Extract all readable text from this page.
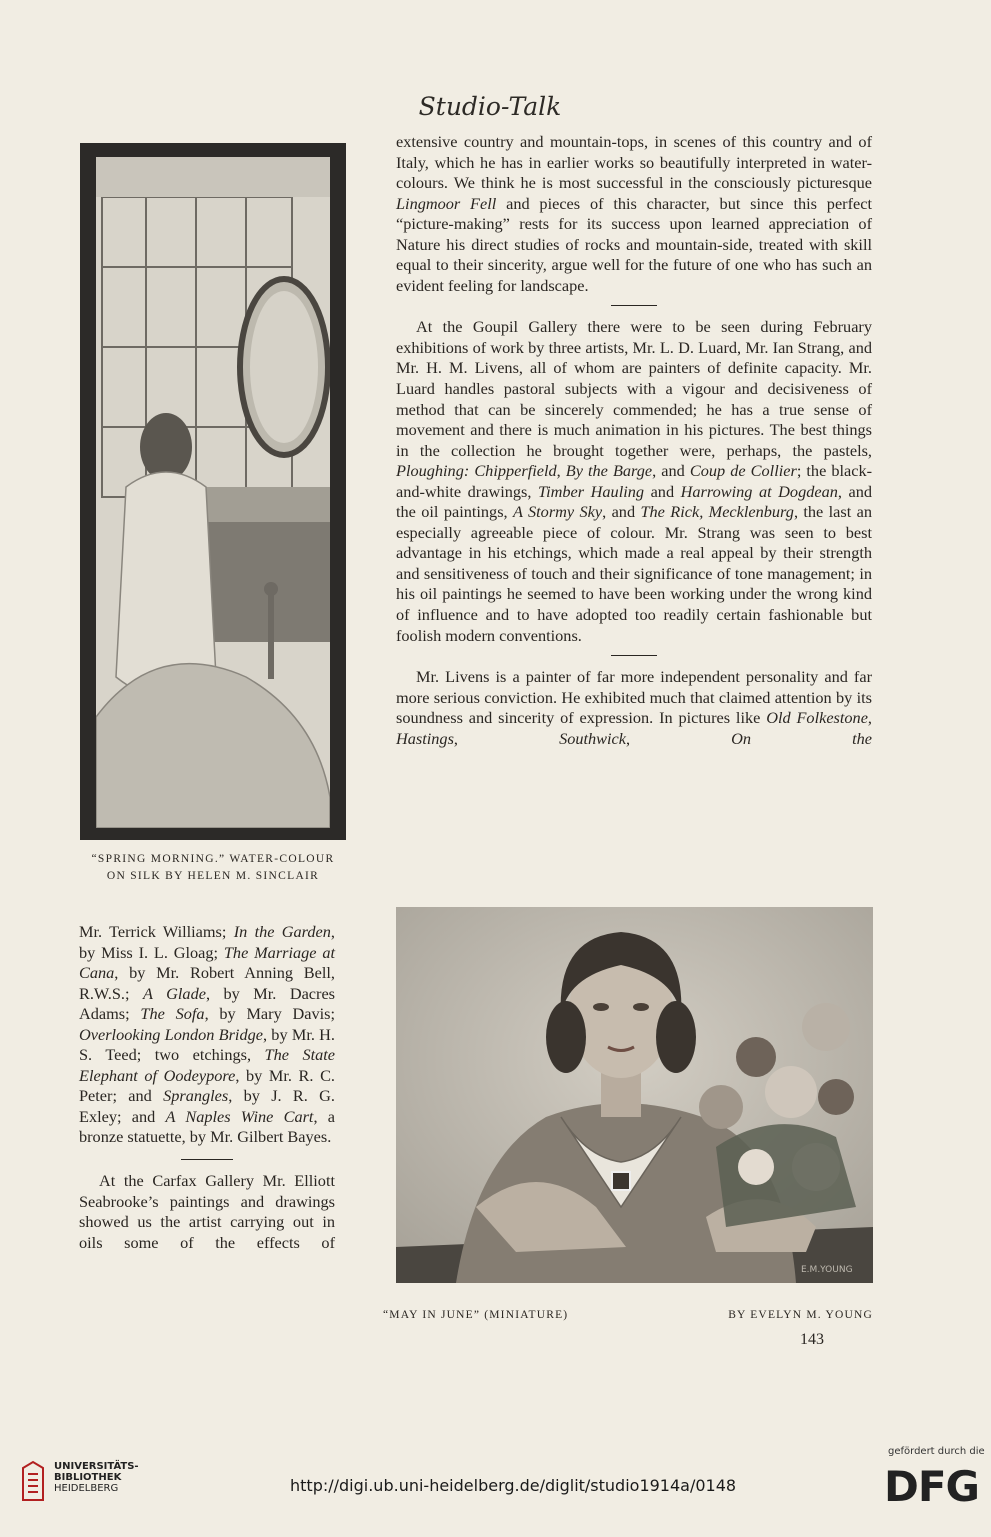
Studio-Talk
“SPRING MORNING.” WATER-COLOUR
ON SILK BY HELEN M. SINCLAIR

extensive country and mountain-tops, in scenes of this country and of Italy, which he has in earlier works so beautifully interpreted in water-colours. We think he is most successful in the consciously picturesque Lingmoor Fell and pieces of this character, but since this perfect “picture-making” rests for its success upon learned appreciation of Nature his direct studies of rocks and mountain-side, treated with skill equal to their sincerity, argue well for the future of one who has such an evident feeling for landscape.

At the Goupil Gallery there were to be seen during February exhibitions of work by three artists, Mr. L. D. Luard, Mr. Ian Strang, and Mr. H. M. Livens, all of whom are painters of definite capacity. Mr. Luard handles pastoral subjects with a vigour and decisiveness of method that can be sincerely commended; he has a true sense of movement and there is much animation in his pictures. The best things in the collection he brought together were, perhaps, the pastels, Ploughing: Chipperfield, By the Barge, and Coup de Collier; the black-and-white drawings, Timber Hauling and Harrowing at Dogdean, and the oil paintings, A Stormy Sky, and The Rick, Mecklenburg, the last an especially agreeable piece of colour. Mr. Strang was seen to best advantage in his etchings, which made a real appeal by their strength and sensitiveness of touch and their significance of tone management; in his oil paintings he seemed to have been working under the wrong kind of influence and to have adopted too readily certain fashionable but foolish modern conventions.

Mr. Livens is a painter of far more independent personality and far more serious conviction. He exhibited much that claimed attention by its soundness and sincerity of expression. In pictures like Old Folkestone, Hastings, Southwick, On the

Mr. Terrick Williams; In the Garden, by Miss I. L. Gloag; The Marriage at Cana, by Mr. Robert Anning Bell, R.W.S.; A Glade, by Mr. Dacres Adams; The Sofa, by Mary Davis; Overlooking London Bridge, by Mr. H. S. Teed; two etchings, The State Elephant of Oodeypore, by Mr. R. C. Peter; and Sprangles, by J. R. G. Exley; and A Naples Wine Cart, a bronze statuette, by Mr. Gilbert Bayes.

At the Carfax Gallery Mr. Elliott Seabrooke’s paintings and drawings showed us the artist carrying out in oils some of the effects of

E.M.YOUNG
“MAY IN JUNE” (MINIATURE)	BY EVELYN M. YOUNG
143
UNIVERSITÄTS-
BIBLIOTHEK
HEIDELBERG	http://digi.ub.uni-heidelberg.de/diglit/studio1914a/0148
gefördert durch die
DFG
